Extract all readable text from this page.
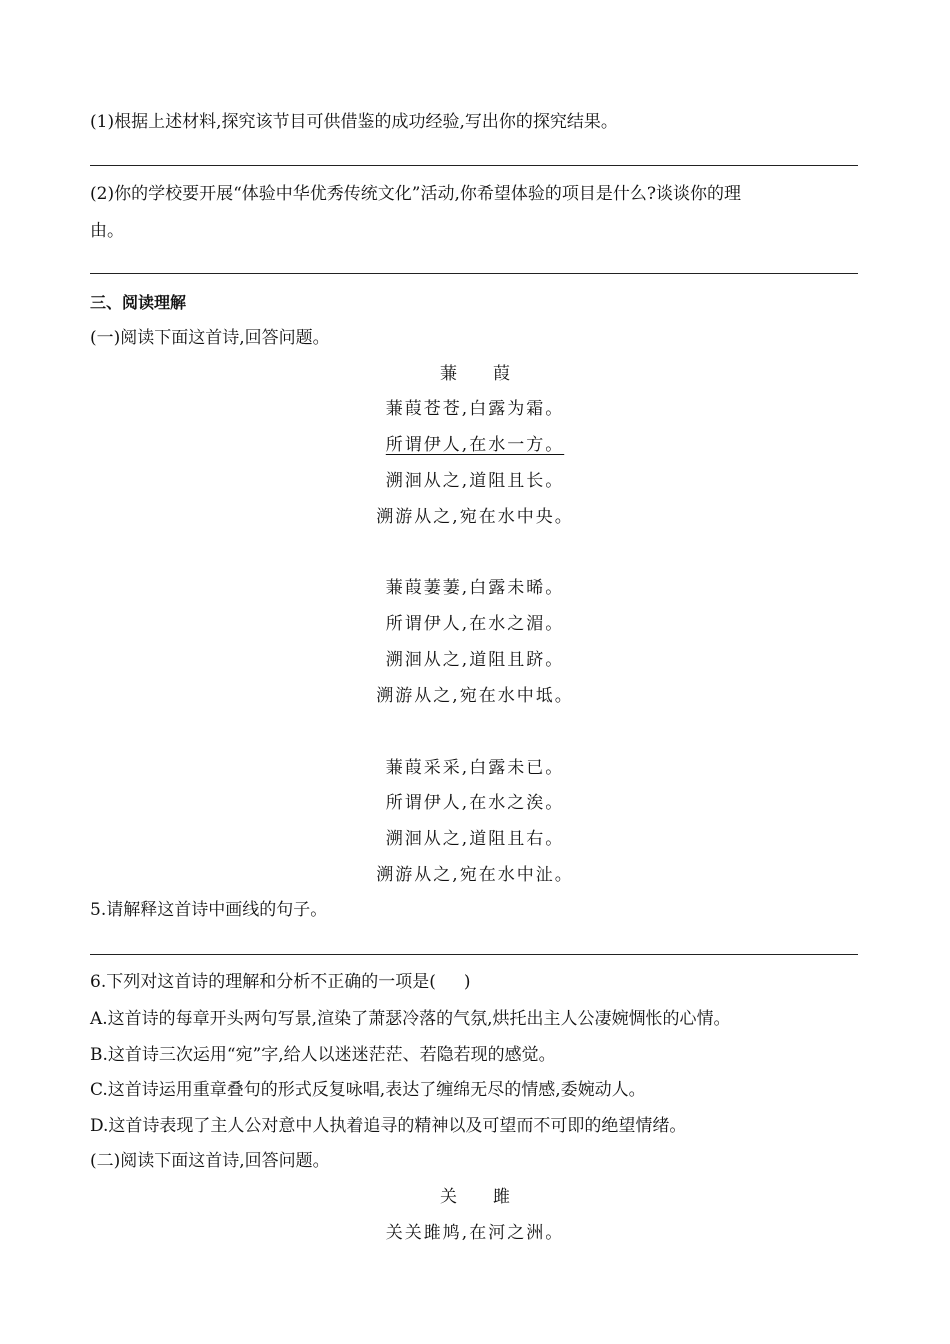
(1)根据上述材料,探究该节目可供借鉴的成功经验,写出你的探究结果。
(2)你的学校要开展“体验中华优秀传统文化”活动,你希望体验的项目是什么?谈谈你的理
由。
三、阅读理解
(一)阅读下面这首诗,回答问题。
蒹 葭
蒹葭苍苍,白露为霜。
所谓伊人,在水一方。
溯洄从之,道阻且长。
溯游从之,宛在水中央。
蒹葭萋萋,白露未晞。
所谓伊人,在水之湄。
溯洄从之,道阻且跻。
溯游从之,宛在水中坻。
蒹葭采采,白露未已。
所谓伊人,在水之涘。
溯洄从之,道阻且右。
溯游从之,宛在水中沚。
5.请解释这首诗中画线的句子。
6.下列对这首诗的理解和分析不正确的一项是( )
A.这首诗的每章开头两句写景,渲染了萧瑟冷落的气氛,烘托出主人公凄婉惆怅的心情。
B.这首诗三次运用“宛”字,给人以迷迷茫茫、若隐若现的感觉。
C.这首诗运用重章叠句的形式反复咏唱,表达了缠绵无尽的情感,委婉动人。
D.这首诗表现了主人公对意中人执着追寻的精神以及可望而不可即的绝望情绪。
(二)阅读下面这首诗,回答问题。
关 雎
关关雎鸠,在河之洲。
